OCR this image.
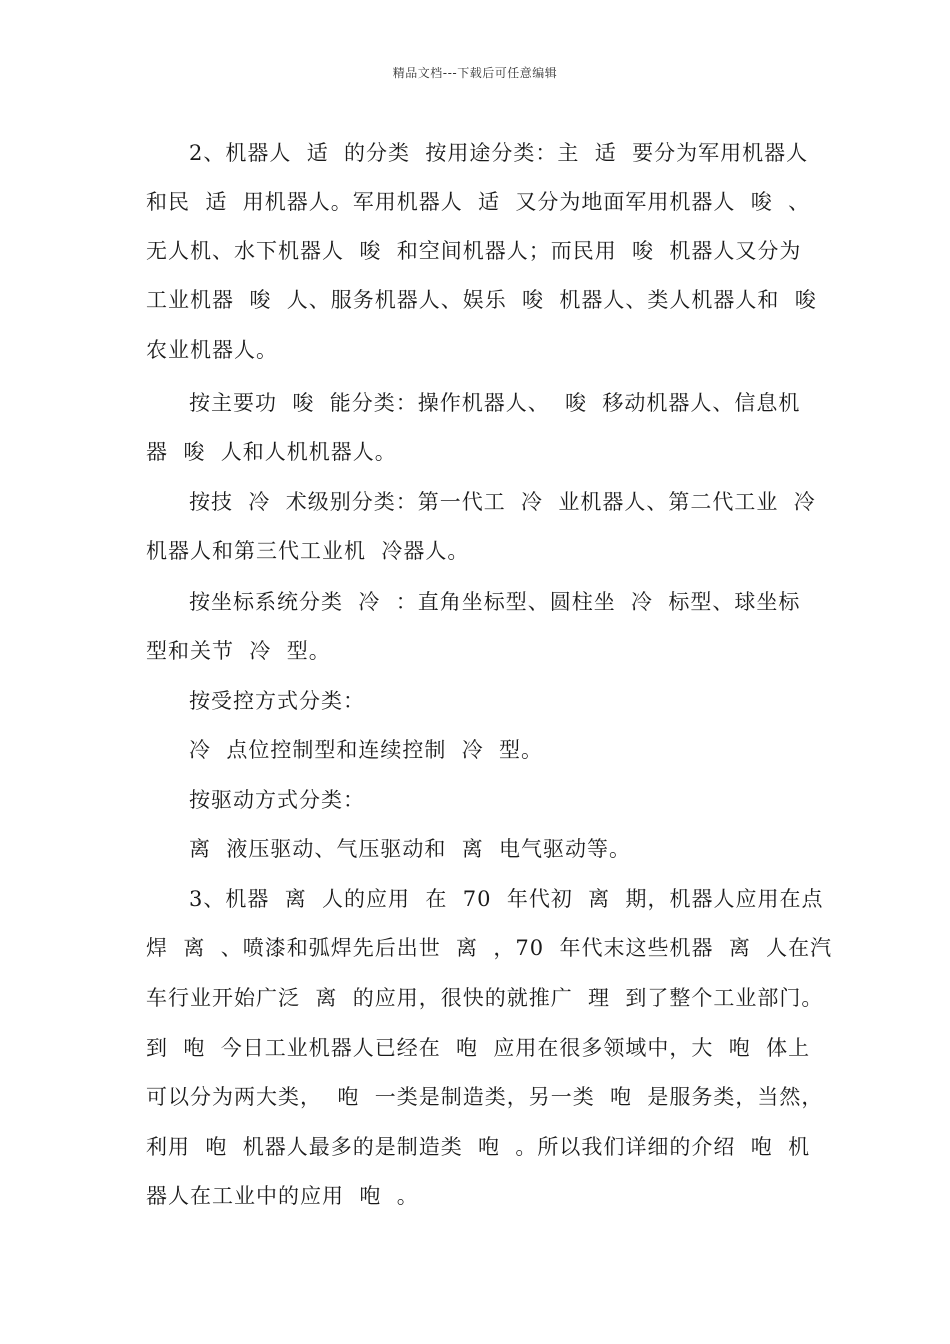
精品文档---下载后可任意编辑
2、机器人  适  的分类  按用途分类：主  适  要分为军用机器人
和民  适  用机器人。军用机器人  适  又分为地面军用机器人  唆  、
无人机、水下机器人  唆  和空间机器人；而民用  唆  机器人又分为
工业机器  唆  人、服务机器人、娱乐  唆  机器人、类人机器人和  唆
农业机器人。
按主要功  唆  能分类：操作机器人、  唆  移动机器人、信息机
器  唆  人和人机机器人。
按技  冷  术级别分类：第一代工  冷  业机器人、第二代工业  冷
机器人和第三代工业机  冷器人。
按坐标系统分类  冷  ：直角坐标型、圆柱坐  冷  标型、球坐标
型和关节  冷  型。
按受控方式分类：
冷  点位控制型和连续控制  冷  型。
按驱动方式分类：
离  液压驱动、气压驱动和  离  电气驱动等。
3、机器  离  人的应用  在  70  年代初  离  期，机器人应用在点
焊  离  、喷漆和弧焊先后出世  离  ，70  年代末这些机器  离  人在汽
车行业开始广泛  离  的应用，很快的就推广  理  到了整个工业部门。
到  咆  今日工业机器人已经在  咆  应用在很多领域中，大  咆  体上
可以分为两大类，  咆  一类是制造类，另一类  咆  是服务类，当然，
利用  咆  机器人最多的是制造类  咆  。所以我们详细的介绍  咆  机
器人在工业中的应用  咆  。
